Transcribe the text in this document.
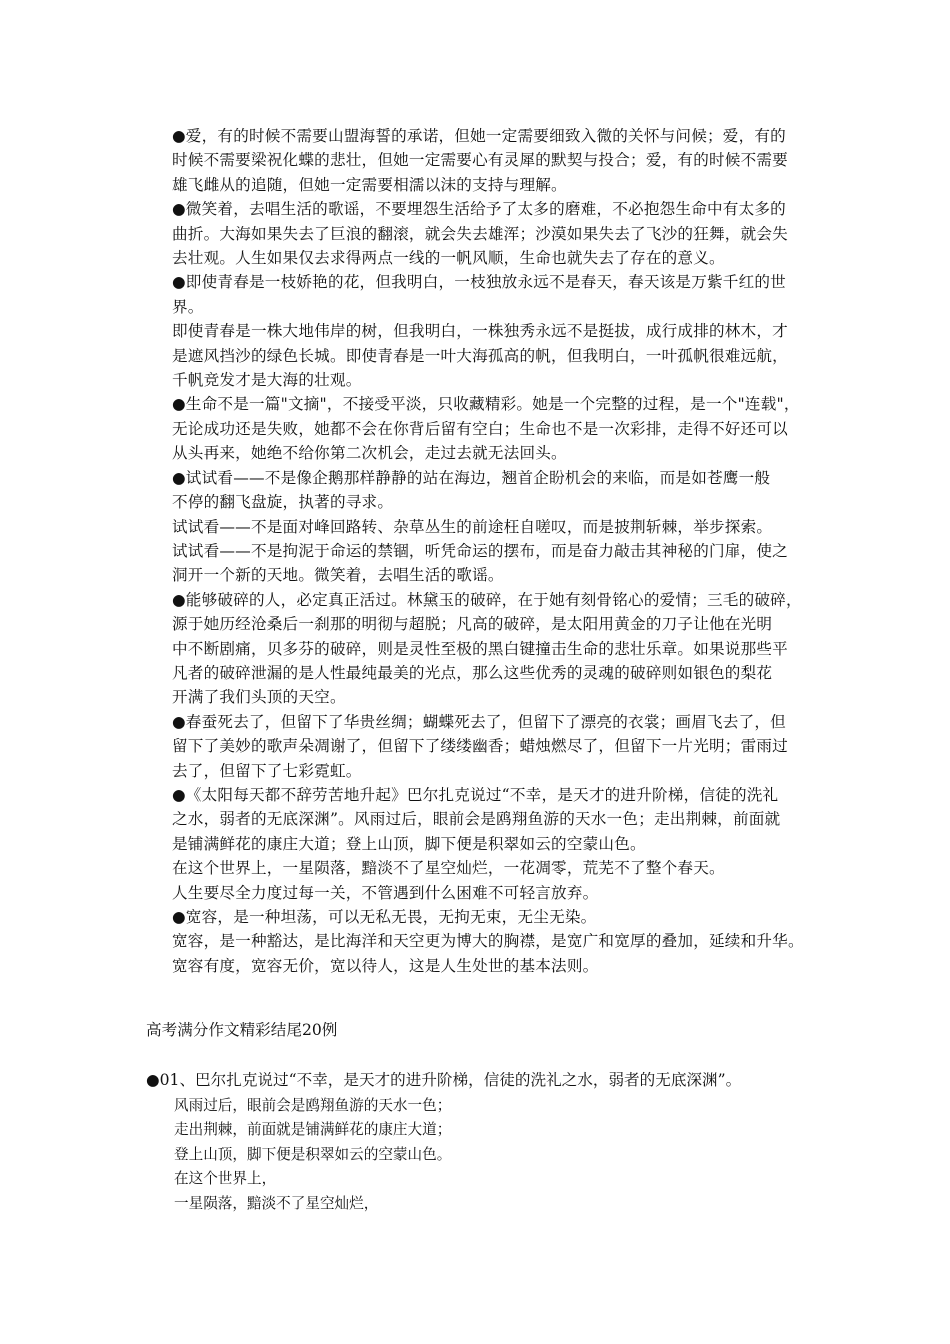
●爱，有的时候不需要山盟海誓的承诺，但她一定需要细致入微的关怀与问候；爱，有的
时候不需要梁祝化蝶的悲壮，但她一定需要心有灵犀的默契与投合；爱，有的时候不需要
雄飞雌从的追随，但她一定需要相濡以沫的支持与理解。

●微笑着，去唱生活的歌谣，不要埋怨生活给予了太多的磨难，不必抱怨生命中有太多的
曲折。大海如果失去了巨浪的翻滚，就会失去雄浑；沙漠如果失去了飞沙的狂舞，就会失
去壮观。人生如果仅去求得两点一线的一帆风顺，生命也就失去了存在的意义。

●即使青春是一枝娇艳的花，但我明白，一枝独放永远不是春天，春天该是万紫千红的世
界。

即使青春是一株大地伟岸的树，但我明白，一株独秀永远不是挺拔，成行成排的林木，才
是遮风挡沙的绿色长城。即使青春是一叶大海孤高的帆，但我明白，一叶孤帆很难远航，
千帆竞发才是大海的壮观。

●生命不是一篇"文摘"，不接受平淡，只收藏精彩。她是一个完整的过程，是一个"连载"，
无论成功还是失败，她都不会在你背后留有空白；生命也不是一次彩排，走得不好还可以
从头再来，她绝不给你第二次机会，走过去就无法回头。

●试试看——不是像企鹅那样静静的站在海边，翘首企盼机会的来临，而是如苍鹰一般
不停的翻飞盘旋，执著的寻求。

试试看——不是面对峰回路转、杂草丛生的前途枉自嗟叹，而是披荆斩棘，举步探索。

试试看——不是拘泥于命运的禁锢，听凭命运的摆布，而是奋力敲击其神秘的门扉，使之
洞开一个新的天地。微笑着，去唱生活的歌谣。

●能够破碎的人，必定真正活过。林黛玉的破碎，在于她有刻骨铭心的爱情；三毛的破碎，
源于她历经沧桑后一刹那的明彻与超脱；凡高的破碎，是太阳用黄金的刀子让他在光明
中不断剧痛，贝多芬的破碎，则是灵性至极的黑白键撞击生命的悲壮乐章。如果说那些平
凡者的破碎泄漏的是人性最纯最美的光点，那么这些优秀的灵魂的破碎则如银色的梨花
开满了我们头顶的天空。

●春蚕死去了，但留下了华贵丝绸；蝴蝶死去了，但留下了漂亮的衣裳；画眉飞去了，但
留下了美妙的歌声朵凋谢了，但留下了缕缕幽香；蜡烛燃尽了，但留下一片光明；雷雨过
去了，但留下了七彩霓虹。

●《太阳每天都不辞劳苦地升起》巴尔扎克说过“不幸，是天才的进升阶梯，信徒的洗礼
之水，弱者的无底深渊”。风雨过后，眼前会是鸥翔鱼游的天水一色；走出荆棘，前面就
是铺满鲜花的康庄大道；登上山顶，脚下便是积翠如云的空蒙山色。

在这个世界上，一星陨落，黯淡不了星空灿烂，一花凋零，荒芜不了整个春天。

人生要尽全力度过每一关，不管遇到什么困难不可轻言放弃。

●宽容，是一种坦荡，可以无私无畏，无拘无束，无尘无染。

宽容，是一种豁达，是比海洋和天空更为博大的胸襟，是宽广和宽厚的叠加，延续和升华。

宽容有度，宽容无价，宽以待人，这是人生处世的基本法则。

高考满分作文精彩结尾20例

●01、巴尔扎克说过“不幸，是天才的进升阶梯，信徒的洗礼之水，弱者的无底深渊”。

风雨过后，眼前会是鸥翔鱼游的天水一色；
走出荆棘，前面就是铺满鲜花的康庄大道；
登上山顶，脚下便是积翠如云的空蒙山色。
在这个世界上，
一星陨落，黯淡不了星空灿烂，
